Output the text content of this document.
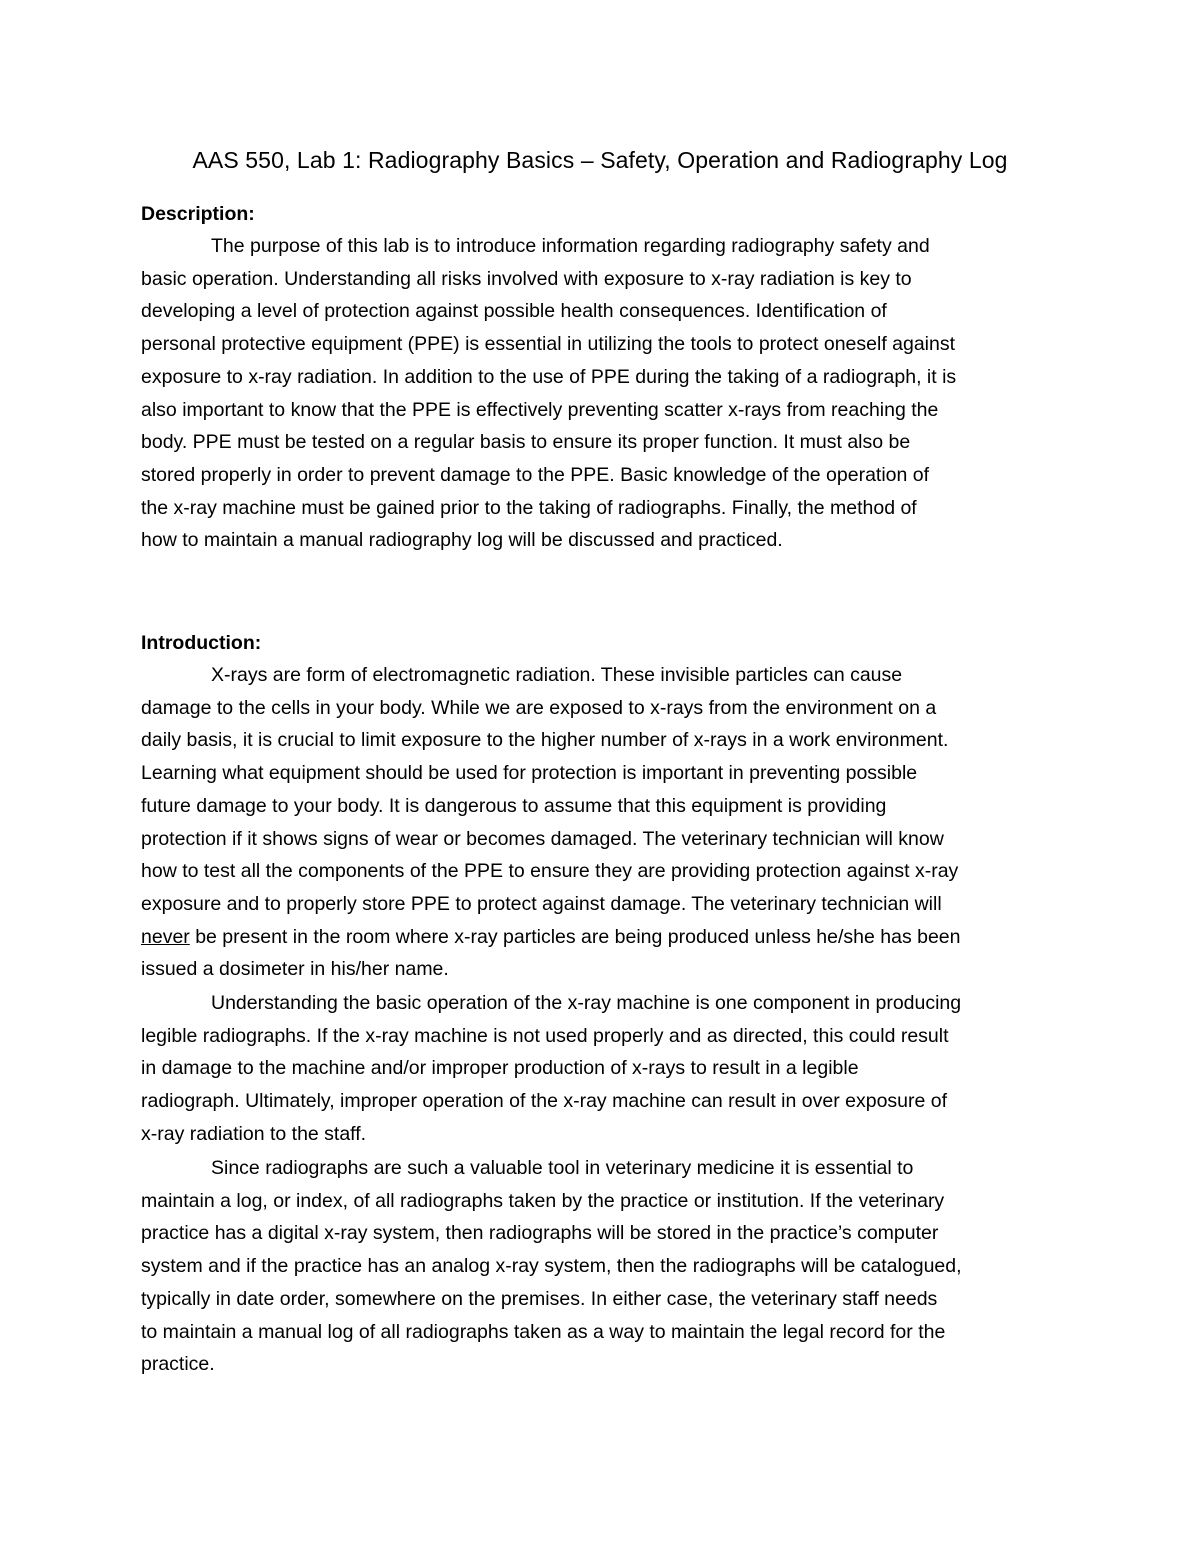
AAS 550, Lab 1: Radiography Basics – Safety, Operation and Radiography Log
Description:

The purpose of this lab is to introduce information regarding radiography safety and
basic operation. Understanding all risks involved with exposure to x-ray radiation is key to
developing a level of protection against possible health consequences. Identification of
personal protective equipment (PPE) is essential in utilizing the tools to protect oneself against
exposure to x-ray radiation. In addition to the use of PPE during the taking of a radiograph, it is
also important to know that the PPE is effectively preventing scatter x-rays from reaching the
body. PPE must be tested on a regular basis to ensure its proper function. It must also be
stored properly in order to prevent damage to the PPE. Basic knowledge of the operation of
the x-ray machine must be gained prior to the taking of radiographs. Finally, the method of
how to maintain a manual radiography log will be discussed and practiced.

Introduction:

X-rays are form of electromagnetic radiation. These invisible particles can cause
damage to the cells in your body. While we are exposed to x-rays from the environment on a
daily basis, it is crucial to limit exposure to the higher number of x-rays in a work environment.
Learning what equipment should be used for protection is important in preventing possible
future damage to your body. It is dangerous to assume that this equipment is providing
protection if it shows signs of wear or becomes damaged. The veterinary technician will know
how to test all the components of the PPE to ensure they are providing protection against x-ray
exposure and to properly store PPE to protect against damage. The veterinary technician will
never be present in the room where x-ray particles are being produced unless he/she has been
issued a dosimeter in his/her name.

Understanding the basic operation of the x-ray machine is one component in producing
legible radiographs. If the x-ray machine is not used properly and as directed, this could result
in damage to the machine and/or improper production of x-rays to result in a legible
radiograph. Ultimately, improper operation of the x-ray machine can result in over exposure of
x-ray radiation to the staff.

Since radiographs are such a valuable tool in veterinary medicine it is essential to
maintain a log, or index, of all radiographs taken by the practice or institution. If the veterinary
practice has a digital x-ray system, then radiographs will be stored in the practice’s computer
system and if the practice has an analog x-ray system, then the radiographs will be catalogued,
typically in date order, somewhere on the premises. In either case, the veterinary staff needs
to maintain a manual log of all radiographs taken as a way to maintain the legal record for the
practice.
